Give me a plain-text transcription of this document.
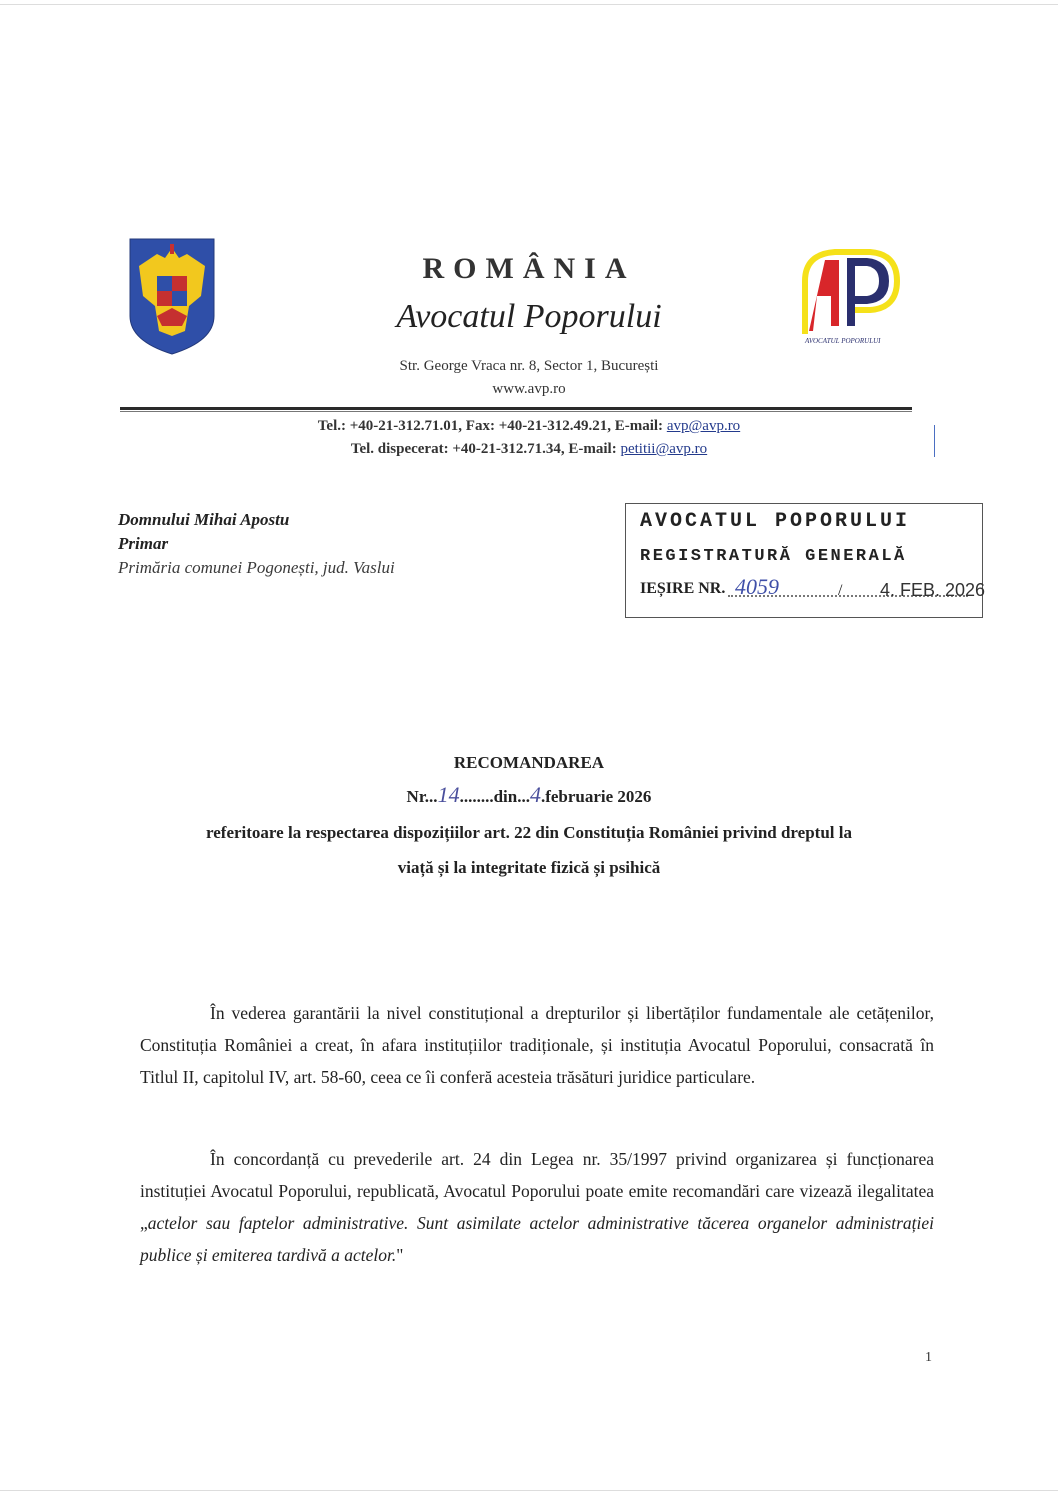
ROMÂNIA
Avocatul Poporului
Str. George Vraca nr. 8, Sector 1, București
www.avp.ro
AVOCATUL POPORULUI
Tel.: +40-21-312.71.01, Fax: +40-21-312.49.21, E-mail: avp@avp.ro
Tel. dispecerat: +40-21-312.71.34, E-mail: petitii@avp.ro
Domnului Mihai Apostu
Primar
Primăria comunei Pogonești, jud. Vaslui
AVOCATUL POPORULUI
REGISTRATURĂ GENERALĂ
IEȘIRE NR. 4059	/ 4. FEB. 2026
RECOMANDAREA
Nr...14........din...4.februarie 2026
referitoare la respectarea dispozițiilor art. 22 din Constituția României privind dreptul la
viață și la integritate fizică și psihică
În vederea garantării la nivel constituțional a drepturilor și libertăților fundamentale ale cetățenilor, Constituția României a creat, în afara instituțiilor tradiționale, și instituția Avocatul Poporului, consacrată în Titlul II, capitolul IV, art. 58-60, ceea ce îi conferă acesteia trăsături juridice particulare.
În concordanță cu prevederile art. 24 din Legea nr. 35/1997 privind organizarea și funcționarea instituției Avocatul Poporului, republicată, Avocatul Poporului poate emite recomandări care vizează ilegalitatea „actelor sau faptelor administrative. Sunt asimilate actelor administrative tăcerea organelor administrației publice și emiterea tardivă a actelor."
1
